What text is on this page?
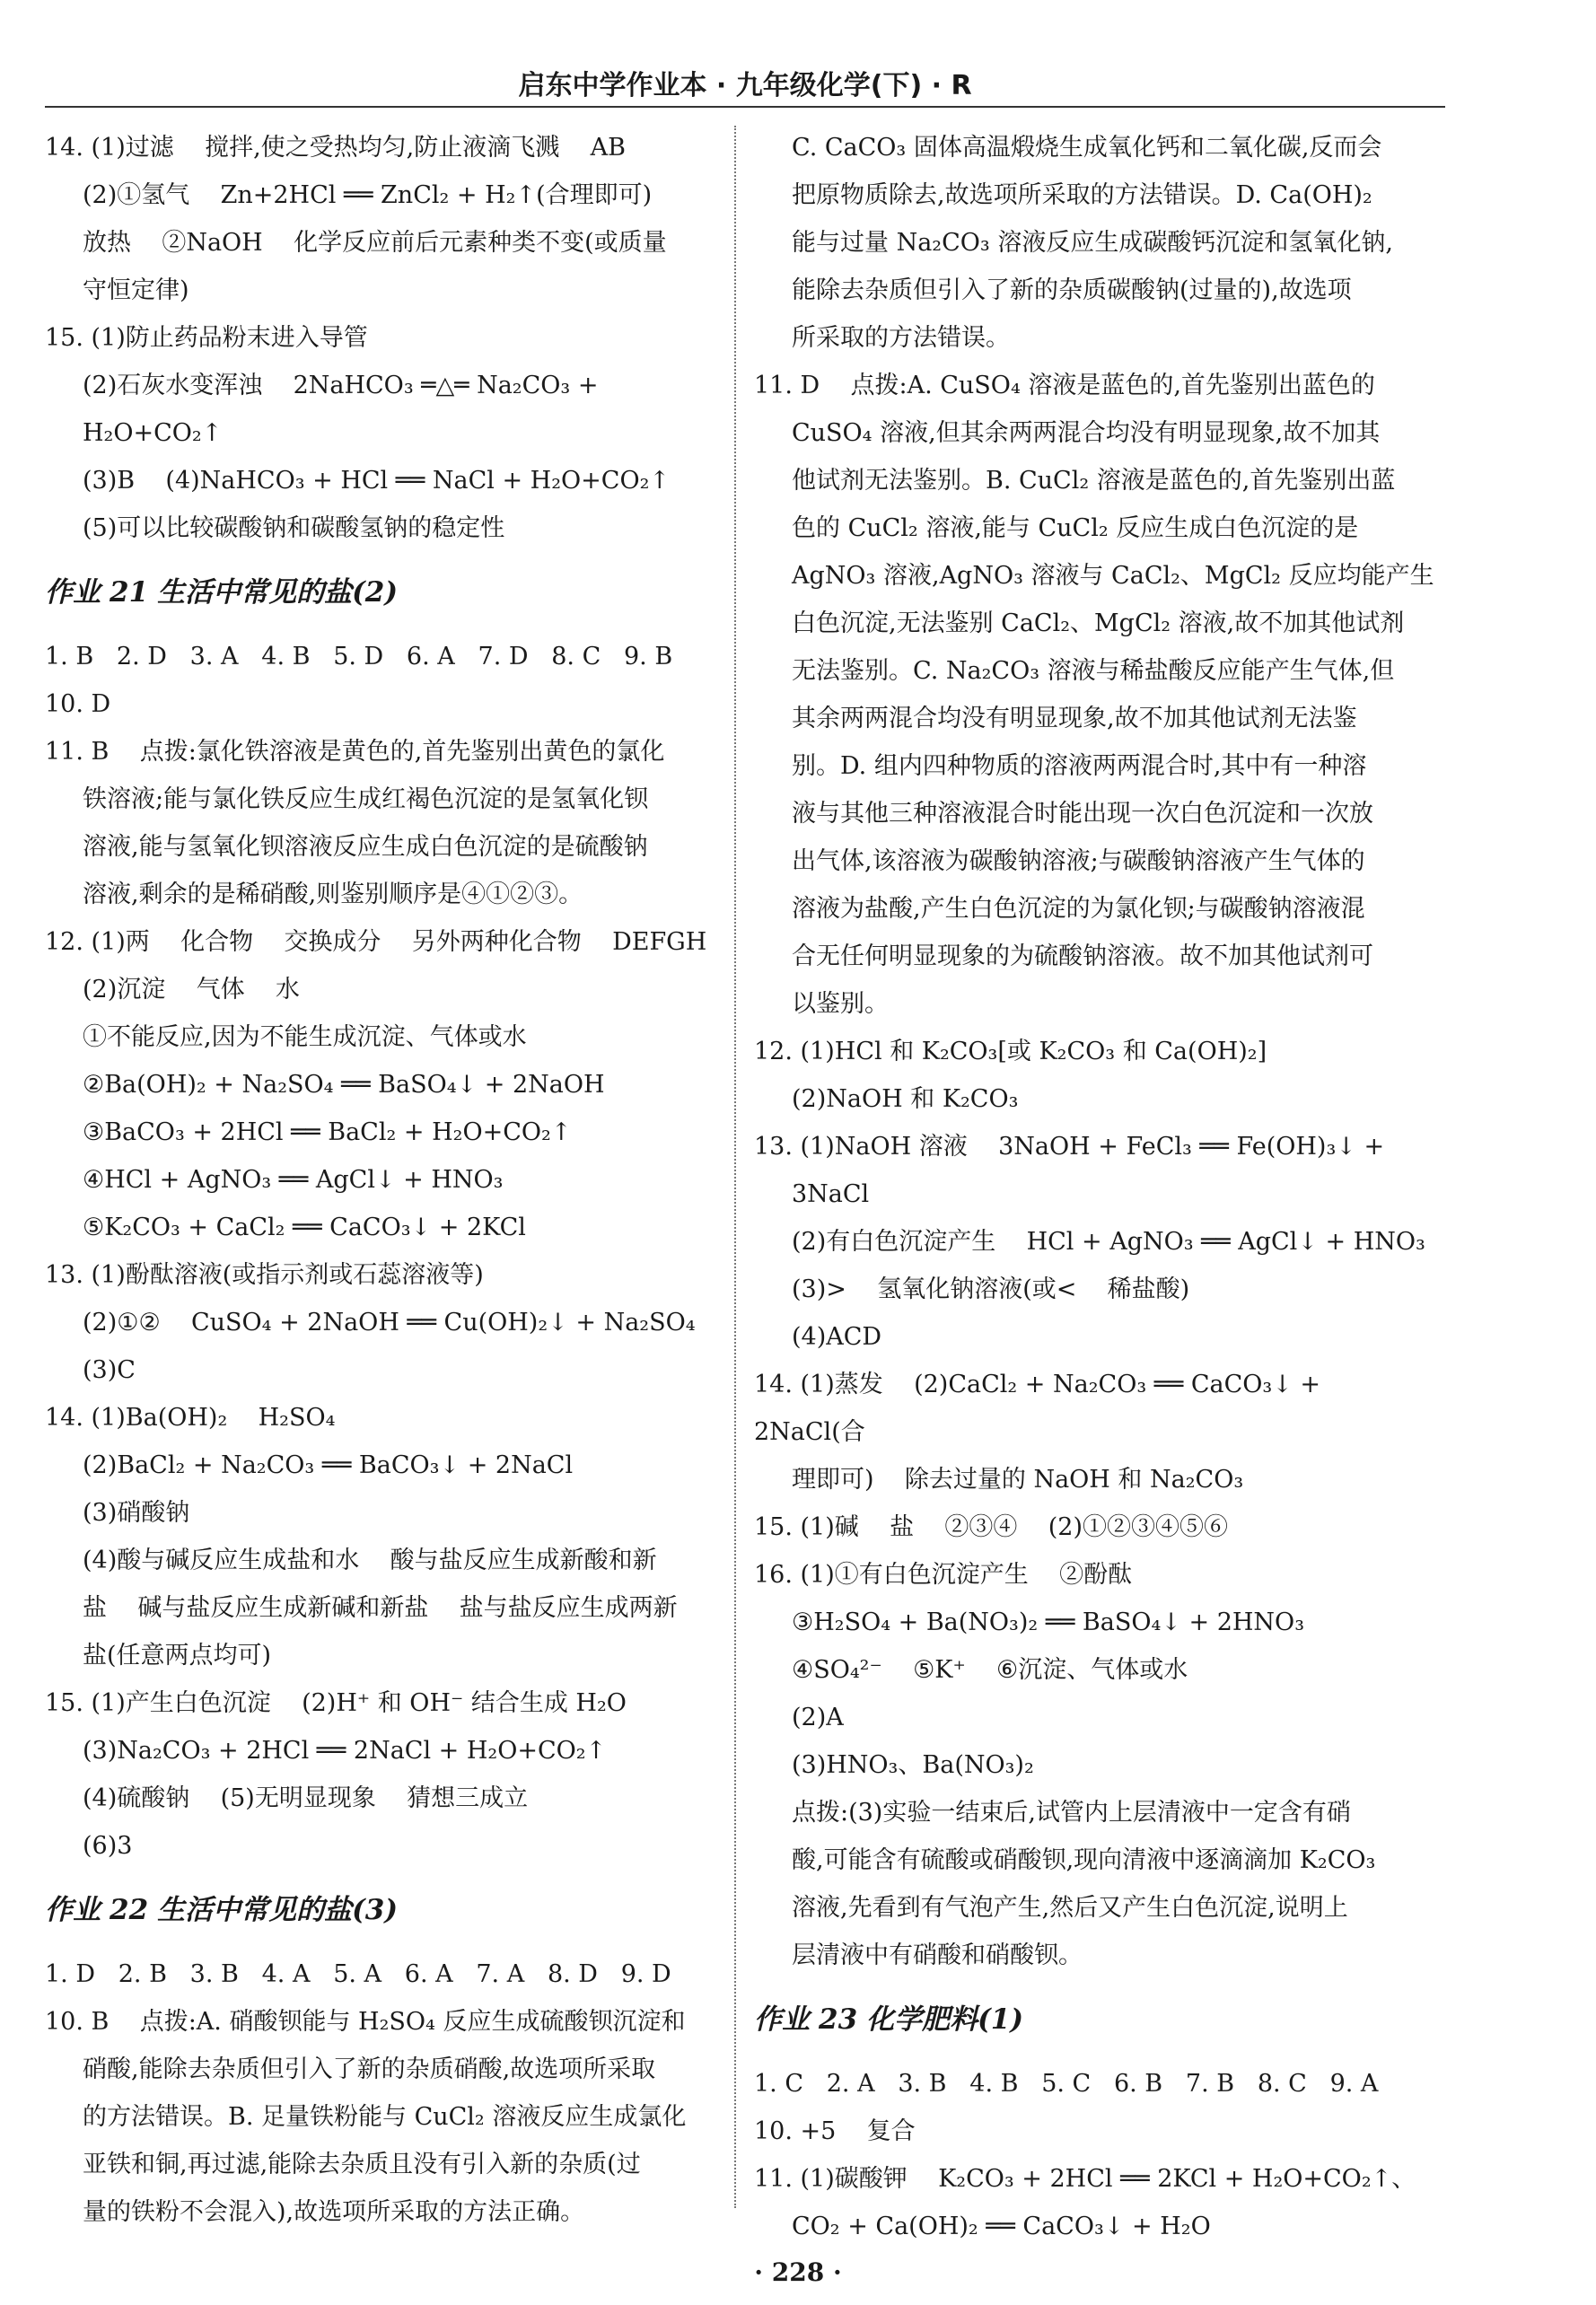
启东中学作业本 · 九年级化学(下) · R

14. (1)过滤    搅拌,使之受热均匀,防止液滴飞溅    AB

(2)①氢气    Zn+2HCl ══ ZnCl₂ + H₂↑(合理即可)

放热    ②NaOH    化学反应前后元素种类不变(或质量

守恒定律)

15. (1)防止药品粉末进入导管

(2)石灰水变浑浊    2NaHCO₃ ═△═ Na₂CO₃ + H₂O+CO₂↑

(3)B    (4)NaHCO₃ + HCl ══ NaCl + H₂O+CO₂↑

(5)可以比较碳酸钠和碳酸氢钠的稳定性

作业 21 生活中常见的盐(2)

1. B   2. D   3. A   4. B   5. D   6. A   7. D   8. C   9. B

10. D

11. B    点拨:氯化铁溶液是黄色的,首先鉴别出黄色的氯化

铁溶液;能与氯化铁反应生成红褐色沉淀的是氢氧化钡

溶液,能与氢氧化钡溶液反应生成白色沉淀的是硫酸钠

溶液,剩余的是稀硝酸,则鉴别顺序是④①②③。

12. (1)两    化合物    交换成分    另外两种化合物    DEFGH

(2)沉淀    气体    水

①不能反应,因为不能生成沉淀、气体或水

②Ba(OH)₂ + Na₂SO₄ ══ BaSO₄↓ + 2NaOH

③BaCO₃ + 2HCl ══ BaCl₂ + H₂O+CO₂↑

④HCl + AgNO₃ ══ AgCl↓ + HNO₃

⑤K₂CO₃ + CaCl₂ ══ CaCO₃↓ + 2KCl

13. (1)酚酞溶液(或指示剂或石蕊溶液等)

(2)①②    CuSO₄ + 2NaOH ══ Cu(OH)₂↓ + Na₂SO₄

(3)C

14. (1)Ba(OH)₂    H₂SO₄

(2)BaCl₂ + Na₂CO₃ ══ BaCO₃↓ + 2NaCl

(3)硝酸钠

(4)酸与碱反应生成盐和水    酸与盐反应生成新酸和新

盐    碱与盐反应生成新碱和新盐    盐与盐反应生成两新

盐(任意两点均可)

15. (1)产生白色沉淀    (2)H⁺ 和 OH⁻ 结合生成 H₂O

(3)Na₂CO₃ + 2HCl ══ 2NaCl + H₂O+CO₂↑

(4)硫酸钠    (5)无明显现象    猜想三成立

(6)3

作业 22 生活中常见的盐(3)

1. D   2. B   3. B   4. A   5. A   6. A   7. A   8. D   9. D

10. B    点拨:A. 硝酸钡能与 H₂SO₄ 反应生成硫酸钡沉淀和

硝酸,能除去杂质但引入了新的杂质硝酸,故选项所采取

的方法错误。B. 足量铁粉能与 CuCl₂ 溶液反应生成氯化

亚铁和铜,再过滤,能除去杂质且没有引入新的杂质(过

量的铁粉不会混入),故选项所采取的方法正确。

C. CaCO₃ 固体高温煅烧生成氧化钙和二氧化碳,反而会

把原物质除去,故选项所采取的方法错误。D. Ca(OH)₂

能与过量 Na₂CO₃ 溶液反应生成碳酸钙沉淀和氢氧化钠,

能除去杂质但引入了新的杂质碳酸钠(过量的),故选项

所采取的方法错误。

11. D    点拨:A. CuSO₄ 溶液是蓝色的,首先鉴别出蓝色的

CuSO₄ 溶液,但其余两两混合均没有明显现象,故不加其

他试剂无法鉴别。B. CuCl₂ 溶液是蓝色的,首先鉴别出蓝

色的 CuCl₂ 溶液,能与 CuCl₂ 反应生成白色沉淀的是

AgNO₃ 溶液,AgNO₃ 溶液与 CaCl₂、MgCl₂ 反应均能产生

白色沉淀,无法鉴别 CaCl₂、MgCl₂ 溶液,故不加其他试剂

无法鉴别。C. Na₂CO₃ 溶液与稀盐酸反应能产生气体,但

其余两两混合均没有明显现象,故不加其他试剂无法鉴

别。D. 组内四种物质的溶液两两混合时,其中有一种溶

液与其他三种溶液混合时能出现一次白色沉淀和一次放

出气体,该溶液为碳酸钠溶液;与碳酸钠溶液产生气体的

溶液为盐酸,产生白色沉淀的为氯化钡;与碳酸钠溶液混

合无任何明显现象的为硫酸钠溶液。故不加其他试剂可

以鉴别。

12. (1)HCl 和 K₂CO₃[或 K₂CO₃ 和 Ca(OH)₂]

(2)NaOH 和 K₂CO₃

13. (1)NaOH 溶液    3NaOH + FeCl₃ ══ Fe(OH)₃↓ +

3NaCl

(2)有白色沉淀产生    HCl + AgNO₃ ══ AgCl↓ + HNO₃

(3)>    氢氧化钠溶液(或<    稀盐酸)

(4)ACD

14. (1)蒸发    (2)CaCl₂ + Na₂CO₃ ══ CaCO₃↓ + 2NaCl(合

理即可)    除去过量的 NaOH 和 Na₂CO₃

15. (1)碱    盐    ②③④    (2)①②③④⑤⑥

16. (1)①有白色沉淀产生    ②酚酞

③H₂SO₄ + Ba(NO₃)₂ ══ BaSO₄↓ + 2HNO₃

④SO₄²⁻    ⑤K⁺    ⑥沉淀、气体或水

(2)A

(3)HNO₃、Ba(NO₃)₂

点拨:(3)实验一结束后,试管内上层清液中一定含有硝

酸,可能含有硫酸或硝酸钡,现向清液中逐滴滴加 K₂CO₃

溶液,先看到有气泡产生,然后又产生白色沉淀,说明上

层清液中有硝酸和硝酸钡。

作业 23 化学肥料(1)

1. C   2. A   3. B   4. B   5. C   6. B   7. B   8. C   9. A

10. +5    复合

11. (1)碳酸钾    K₂CO₃ + 2HCl ══ 2KCl + H₂O+CO₂↑、

CO₂ + Ca(OH)₂ ══ CaCO₃↓ + H₂O

· 228 ·
